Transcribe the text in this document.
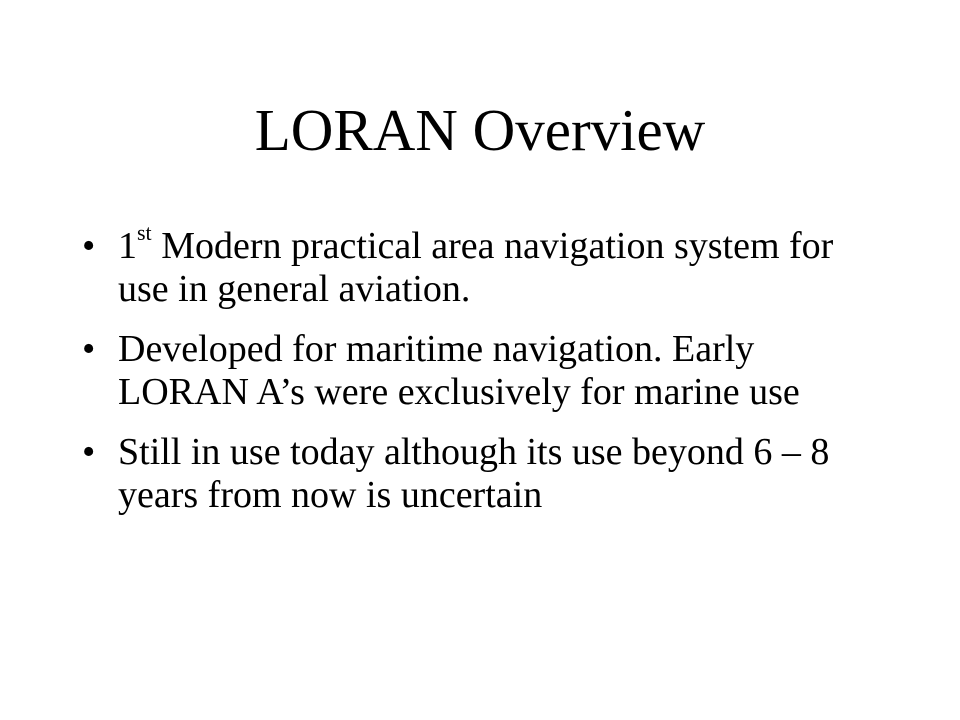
LORAN Overview
•
1st Modern practical area navigation system for use in general aviation.
•
Developed for maritime navigation. Early LORAN A’s were exclusively for marine use
•
Still in use today although its use beyond 6 – 8 years from now is uncertain
